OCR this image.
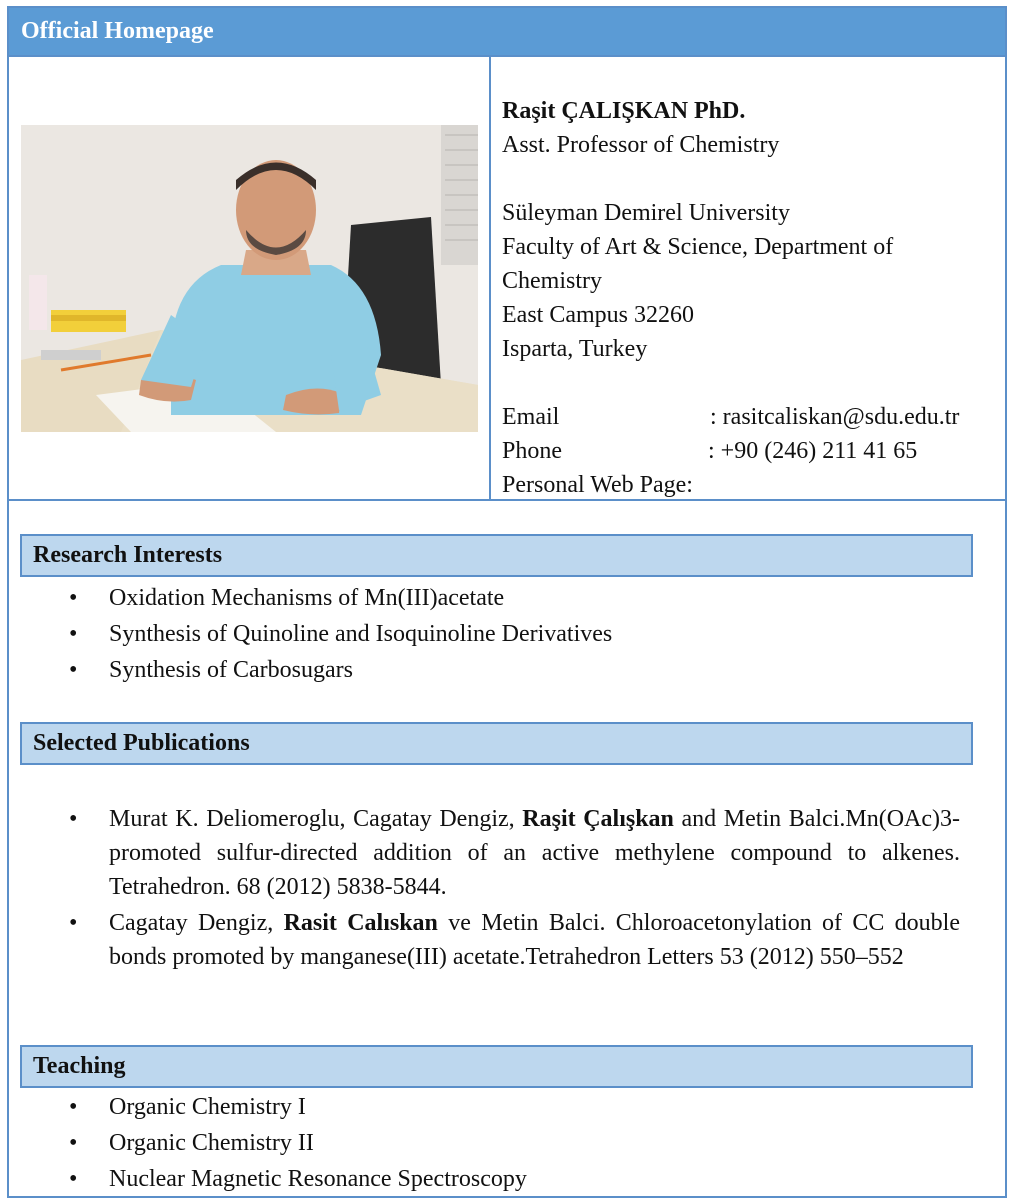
Official Homepage
Raşit ÇALIŞKAN PhD.
Asst. Professor of Chemistry
Süleyman Demirel University
Faculty of Art & Science, Department of
Chemistry
East Campus 32260
Isparta, Turkey
Email	: rasitcaliskan@sdu.edu.tr
Phone	: +90 (246) 211 41 65
Personal Web Page:
Research Interests
• Oxidation Mechanisms of Mn(III)acetate
• Synthesis of Quinoline and Isoquinoline Derivatives
• Synthesis of Carbosugars
Selected Publications
• Murat K. Deliomeroglu, Cagatay Dengiz, Raşit Çalışkan and Metin Balci.Mn(OAc)3-promoted sulfur-directed addition of an active methylene compound to alkenes. Tetrahedron. 68 (2012) 5838-5844.
• Cagatay Dengiz, Rasit Calıskan ve Metin Balci. Chloroacetonylation of CC double bonds promoted by manganese(III) acetate.Tetrahedron Letters 53 (2012) 550–552
Teaching
• Organic Chemistry I
• Organic Chemistry II
• Nuclear Magnetic Resonance Spectroscopy
